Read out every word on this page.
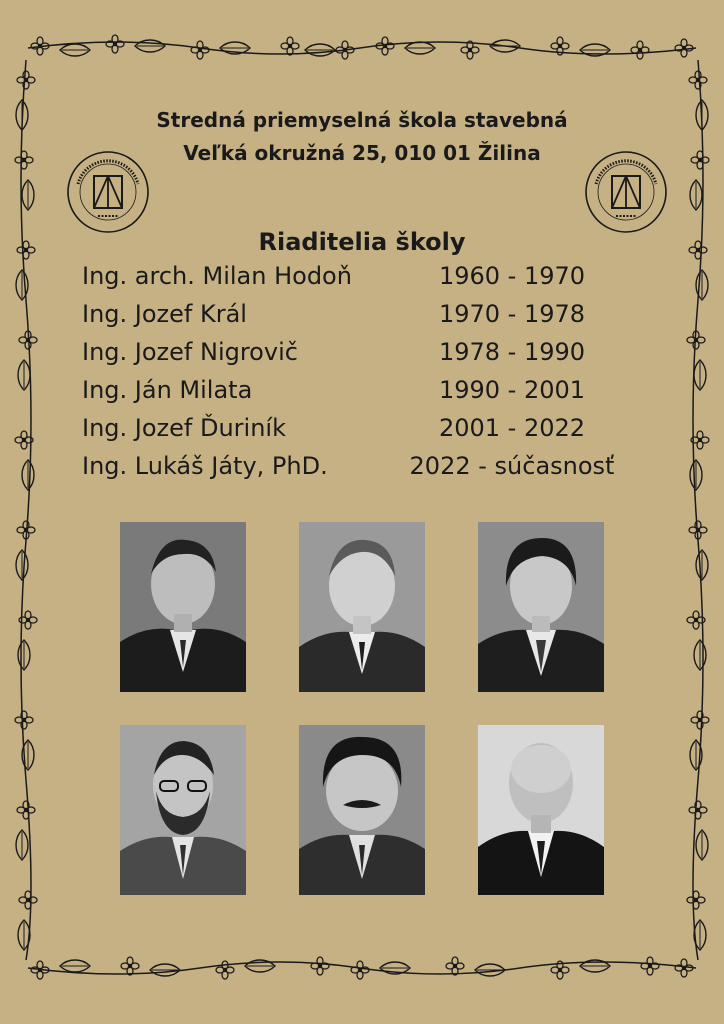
Stredná priemyselná škola stavebná
Veľká okružná 25, 010 01 Žilina
Riaditelia školy
Ing. arch. Milan Hodoň	1960 - 1970
Ing. Jozef Král	1970 - 1978
Ing. Jozef Nigrovič	1978 - 1990
Ing. Ján Milata	1990 - 2001
Ing. Jozef Ďuriník	2001 - 2022
Ing. Lukáš Játy, PhD.	2022 - súčasnosť
